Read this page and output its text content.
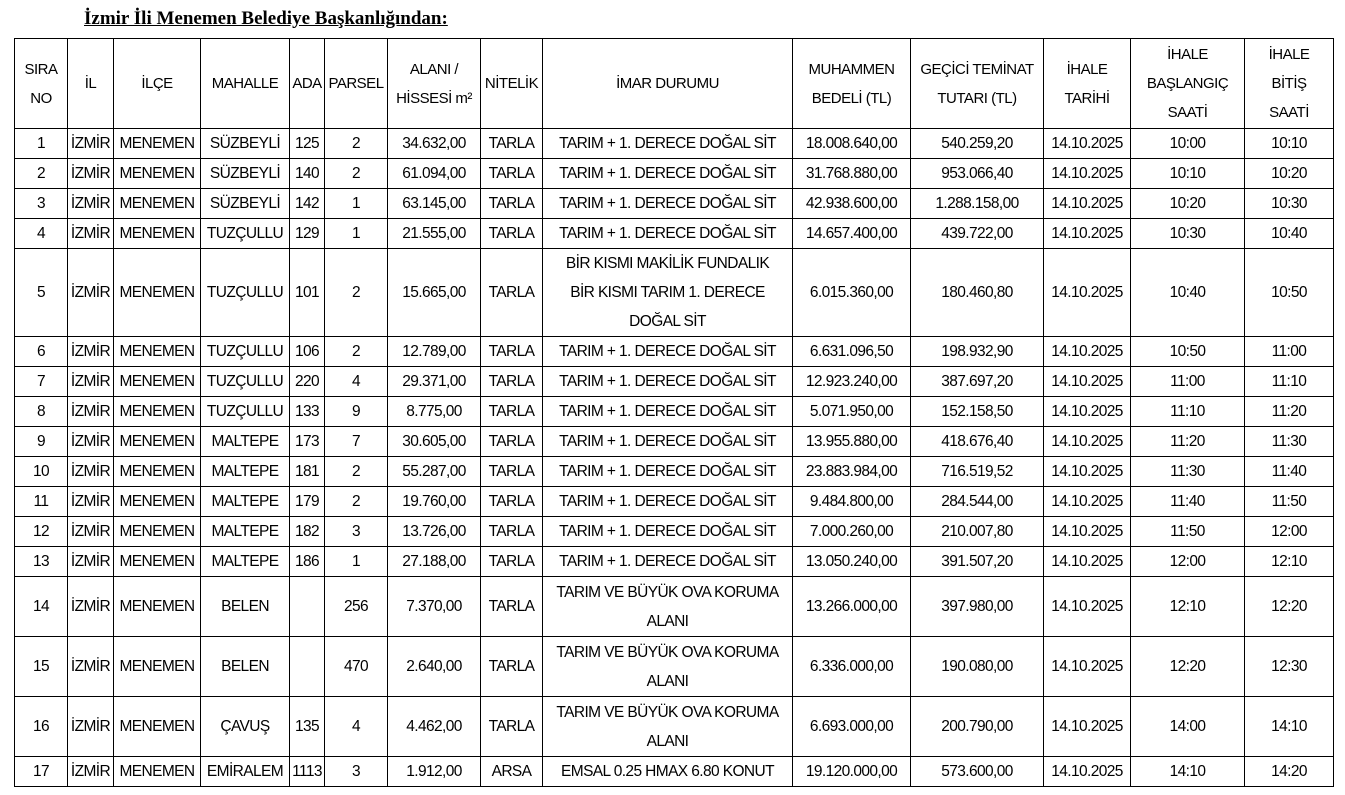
İzmir İli Menemen Belediye Başkanlığından:
SIRA
NO	İL	İLÇE	MAHALLE	ADA	PARSEL	ALANI /
HİSSESİ m²	NİTELİK	İMAR DURUMU	MUHAMMEN
BEDELİ (TL)	GEÇİCİ TEMİNAT
TUTARI (TL)	İHALE
TARİHİ	İHALE
BAŞLANGIÇ
SAATİ	İHALE
BİTİŞ
SAATİ
1	İZMİR	MENEMEN	SÜZBEYLİ	125	2	34.632,00	TARLA	TARIM + 1. DERECE DOĞAL SİT	18.008.640,00	540.259,20	14.10.2025	10:00	10:10
2	İZMİR	MENEMEN	SÜZBEYLİ	140	2	61.094,00	TARLA	TARIM + 1. DERECE DOĞAL SİT	31.768.880,00	953.066,40	14.10.2025	10:10	10:20
3	İZMİR	MENEMEN	SÜZBEYLİ	142	1	63.145,00	TARLA	TARIM + 1. DERECE DOĞAL SİT	42.938.600,00	1.288.158,00	14.10.2025	10:20	10:30
4	İZMİR	MENEMEN	TUZÇULLU	129	1	21.555,00	TARLA	TARIM + 1. DERECE DOĞAL SİT	14.657.400,00	439.722,00	14.10.2025	10:30	10:40
5	İZMİR	MENEMEN	TUZÇULLU	101	2	15.665,00	TARLA	BİR KISMI MAKİLİK FUNDALIK
BİR KISMI TARIM 1. DERECE
DOĞAL SİT	6.015.360,00	180.460,80	14.10.2025	10:40	10:50
6	İZMİR	MENEMEN	TUZÇULLU	106	2	12.789,00	TARLA	TARIM + 1. DERECE DOĞAL SİT	6.631.096,50	198.932,90	14.10.2025	10:50	11:00
7	İZMİR	MENEMEN	TUZÇULLU	220	4	29.371,00	TARLA	TARIM + 1. DERECE DOĞAL SİT	12.923.240,00	387.697,20	14.10.2025	11:00	11:10
8	İZMİR	MENEMEN	TUZÇULLU	133	9	8.775,00	TARLA	TARIM + 1. DERECE DOĞAL SİT	5.071.950,00	152.158,50	14.10.2025	11:10	11:20
9	İZMİR	MENEMEN	MALTEPE	173	7	30.605,00	TARLA	TARIM + 1. DERECE DOĞAL SİT	13.955.880,00	418.676,40	14.10.2025	11:20	11:30
10	İZMİR	MENEMEN	MALTEPE	181	2	55.287,00	TARLA	TARIM + 1. DERECE DOĞAL SİT	23.883.984,00	716.519,52	14.10.2025	11:30	11:40
11	İZMİR	MENEMEN	MALTEPE	179	2	19.760,00	TARLA	TARIM + 1. DERECE DOĞAL SİT	9.484.800,00	284.544,00	14.10.2025	11:40	11:50
12	İZMİR	MENEMEN	MALTEPE	182	3	13.726,00	TARLA	TARIM + 1. DERECE DOĞAL SİT	7.000.260,00	210.007,80	14.10.2025	11:50	12:00
13	İZMİR	MENEMEN	MALTEPE	186	1	27.188,00	TARLA	TARIM + 1. DERECE DOĞAL SİT	13.050.240,00	391.507,20	14.10.2025	12:00	12:10
14	İZMİR	MENEMEN	BELEN		256	7.370,00	TARLA	TARIM VE BÜYÜK OVA KORUMA
ALANI	13.266.000,00	397.980,00	14.10.2025	12:10	12:20
15	İZMİR	MENEMEN	BELEN		470	2.640,00	TARLA	TARIM VE BÜYÜK OVA KORUMA
ALANI	6.336.000,00	190.080,00	14.10.2025	12:20	12:30
16	İZMİR	MENEMEN	ÇAVUŞ	135	4	4.462,00	TARLA	TARIM VE BÜYÜK OVA KORUMA
ALANI	6.693.000,00	200.790,00	14.10.2025	14:00	14:10
17	İZMİR	MENEMEN	EMİRALEM	1113	3	1.912,00	ARSA	EMSAL 0.25 HMAX 6.80 KONUT	19.120.000,00	573.600,00	14.10.2025	14:10	14:20
